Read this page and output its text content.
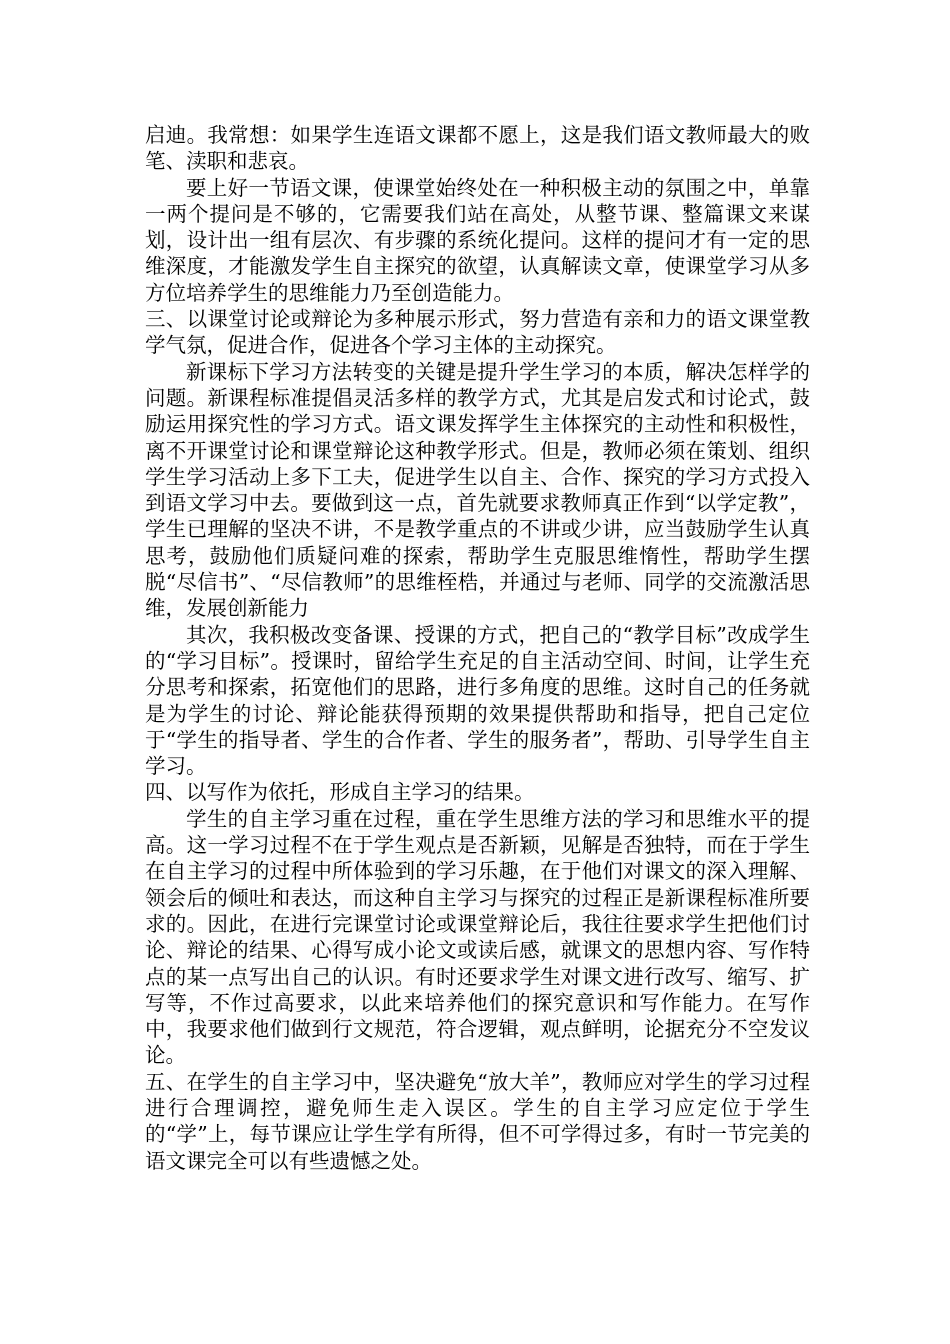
启迪。我常想：如果学生连语文课都不愿上，这是我们语文教师最大的败笔、渎职和悲哀。

要上好一节语文课，使课堂始终处在一种积极主动的氛围之中，单靠一两个提问是不够的，它需要我们站在高处，从整节课、整篇课文来谋划，设计出一组有层次、有步骤的系统化提问。这样的提问才有一定的思维深度，才能激发学生自主探究的欲望，认真解读文章，使课堂学习从多方位培养学生的思维能力乃至创造能力。

三、以课堂讨论或辩论为多种展示形式，努力营造有亲和力的语文课堂教学气氛，促进合作，促进各个学习主体的主动探究。

新课标下学习方法转变的关键是提升学生学习的本质，解决怎样学的问题。新课程标准提倡灵活多样的教学方式，尤其是启发式和讨论式，鼓励运用探究性的学习方式。语文课发挥学生主体探究的主动性和积极性，离不开课堂讨论和课堂辩论这种教学形式。但是，教师必须在策划、组织学生学习活动上多下工夫，促进学生以自主、合作、探究的学习方式投入到语文学习中去。要做到这一点，首先就要求教师真正作到“以学定教”，学生已理解的坚决不讲，不是教学重点的不讲或少讲，应当鼓励学生认真思考，鼓励他们质疑问难的探索，帮助学生克服思维惰性，帮助学生摆脱“尽信书”、“尽信教师”的思维桎梏，并通过与老师、同学的交流激活思维，发展创新能力

其次，我积极改变备课、授课的方式，把自己的“教学目标”改成学生的“学习目标”。授课时，留给学生充足的自主活动空间、时间，让学生充分思考和探索，拓宽他们的思路，进行多角度的思维。这时自己的任务就是为学生的讨论、辩论能获得预期的效果提供帮助和指导，把自己定位于“学生的指导者、学生的合作者、学生的服务者”，帮助、引导学生自主学习。

四、以写作为依托，形成自主学习的结果。

学生的自主学习重在过程，重在学生思维方法的学习和思维水平的提高。这一学习过程不在于学生观点是否新颖，见解是否独特，而在于学生在自主学习的过程中所体验到的学习乐趣，在于他们对课文的深入理解、领会后的倾吐和表达，而这种自主学习与探究的过程正是新课程标准所要求的。因此，在进行完课堂讨论或课堂辩论后，我往往要求学生把他们讨论、辩论的结果、心得写成小论文或读后感，就课文的思想内容、写作特点的某一点写出自己的认识。有时还要求学生对课文进行改写、缩写、扩写等，不作过高要求，以此来培养他们的探究意识和写作能力。在写作中，我要求他们做到行文规范，符合逻辑，观点鲜明，论据充分不空发议论。

五、在学生的自主学习中，坚决避免“放大羊”，教师应对学生的学习过程进行合理调控，避免师生走入误区。学生的自主学习应定位于学生的“学”上，每节课应让学生学有所得，但不可学得过多，有时一节完美的语文课完全可以有些遗憾之处。
